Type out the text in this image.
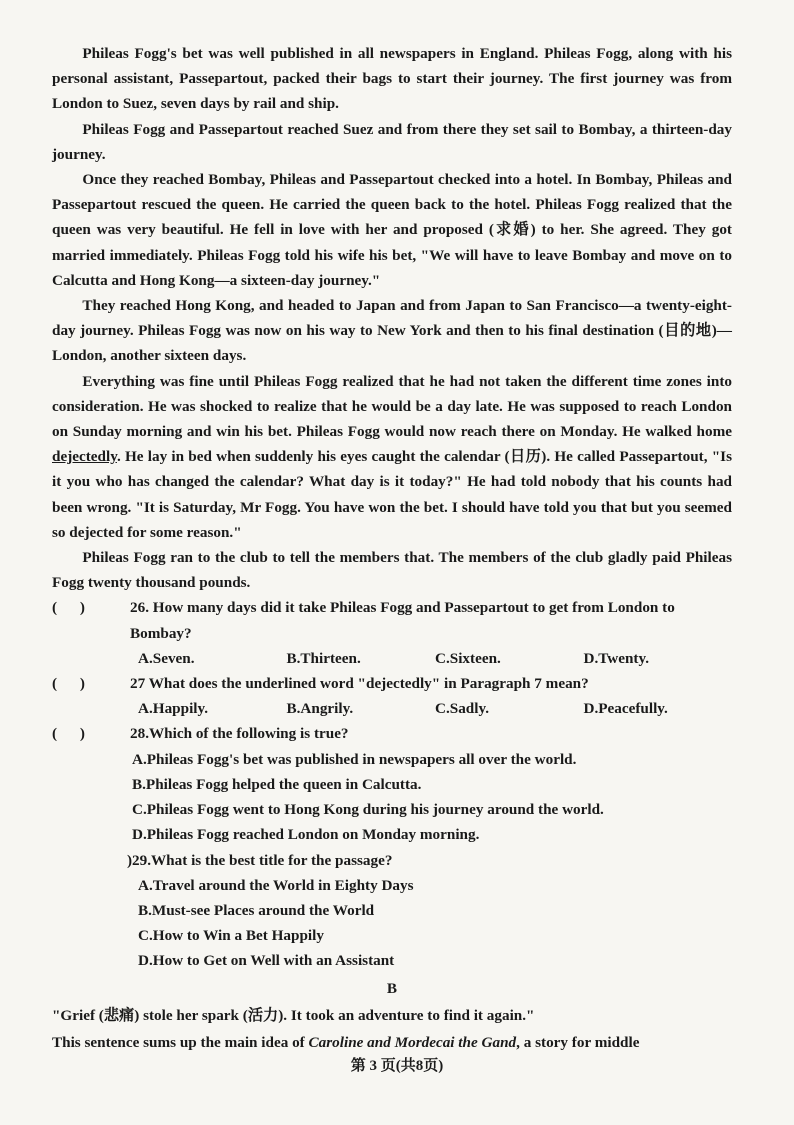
Phileas Fogg's bet was well published in all newspapers in England. Phileas Fogg, along with his personal assistant, Passepartout, packed their bags to start their journey. The first journey was from London to Suez, seven days by rail and ship.

Phileas Fogg and Passepartout reached Suez and from there they set sail to Bombay, a thirteen-day journey.

Once they reached Bombay, Phileas and Passepartout checked into a hotel. In Bombay, Phileas and Passepartout rescued the queen. He carried the queen back to the hotel. Phileas Fogg realized that the queen was very beautiful. He fell in love with her and proposed (求婚) to her. She agreed. They got married immediately. Phileas Fogg told his wife his bet, "We will have to leave Bombay and move on to Calcutta and Hong Kong—a sixteen-day journey."

They reached Hong Kong, and headed to Japan and from Japan to San Francisco—a twenty-eight-day journey. Phileas Fogg was now on his way to New York and then to his final destination (目的地)—London, another sixteen days.

Everything was fine until Phileas Fogg realized that he had not taken the different time zones into consideration. He was shocked to realize that he would be a day late. He was supposed to reach London on Sunday morning and win his bet. Phileas Fogg would now reach there on Monday. He walked home dejectedly. He lay in bed when suddenly his eyes caught the calendar (日历). He called Passepartout, "Is it you who has changed the calendar? What day is it today?" He had told nobody that his counts had been wrong. "It is Saturday, Mr Fogg. You have won the bet. I should have told you that but you seemed so dejected for some reason."

Phileas Fogg ran to the club to tell the members that. The members of the club gladly paid Phileas Fogg twenty thousand pounds.

(      )	26. How many days did it take Phileas Fogg and Passepartout to get from London to Bombay?
A.Seven.	B.Thirteen.	C.Sixteen.	D.Twenty.
(      )	27 What does the underlined word "dejectedly" in Paragraph 7 mean?
A.Happily.	B.Angrily.	C.Sadly.	D.Peacefully.
(      )	28.Which of the following is true?
A.Phileas Fogg's bet was published in newspapers all over the world.
B.Phileas Fogg helped the queen in Calcutta.
C.Phileas Fogg went to Hong Kong during his journey around the world.
D.Phileas Fogg reached London on Monday morning.
) 29.What is the best title for the passage?
A.Travel around the World in Eighty Days
B.Must-see Places around the World
C.How to Win a Bet Happily
D.How to Get on Well with an Assistant
B
"Grief (悲痛) stole her spark (活力). It took an adventure to find it again."
This sentence sums up the main idea of Caroline and Mordecai the Gand, a story for middle
第 3 页(共8页)
